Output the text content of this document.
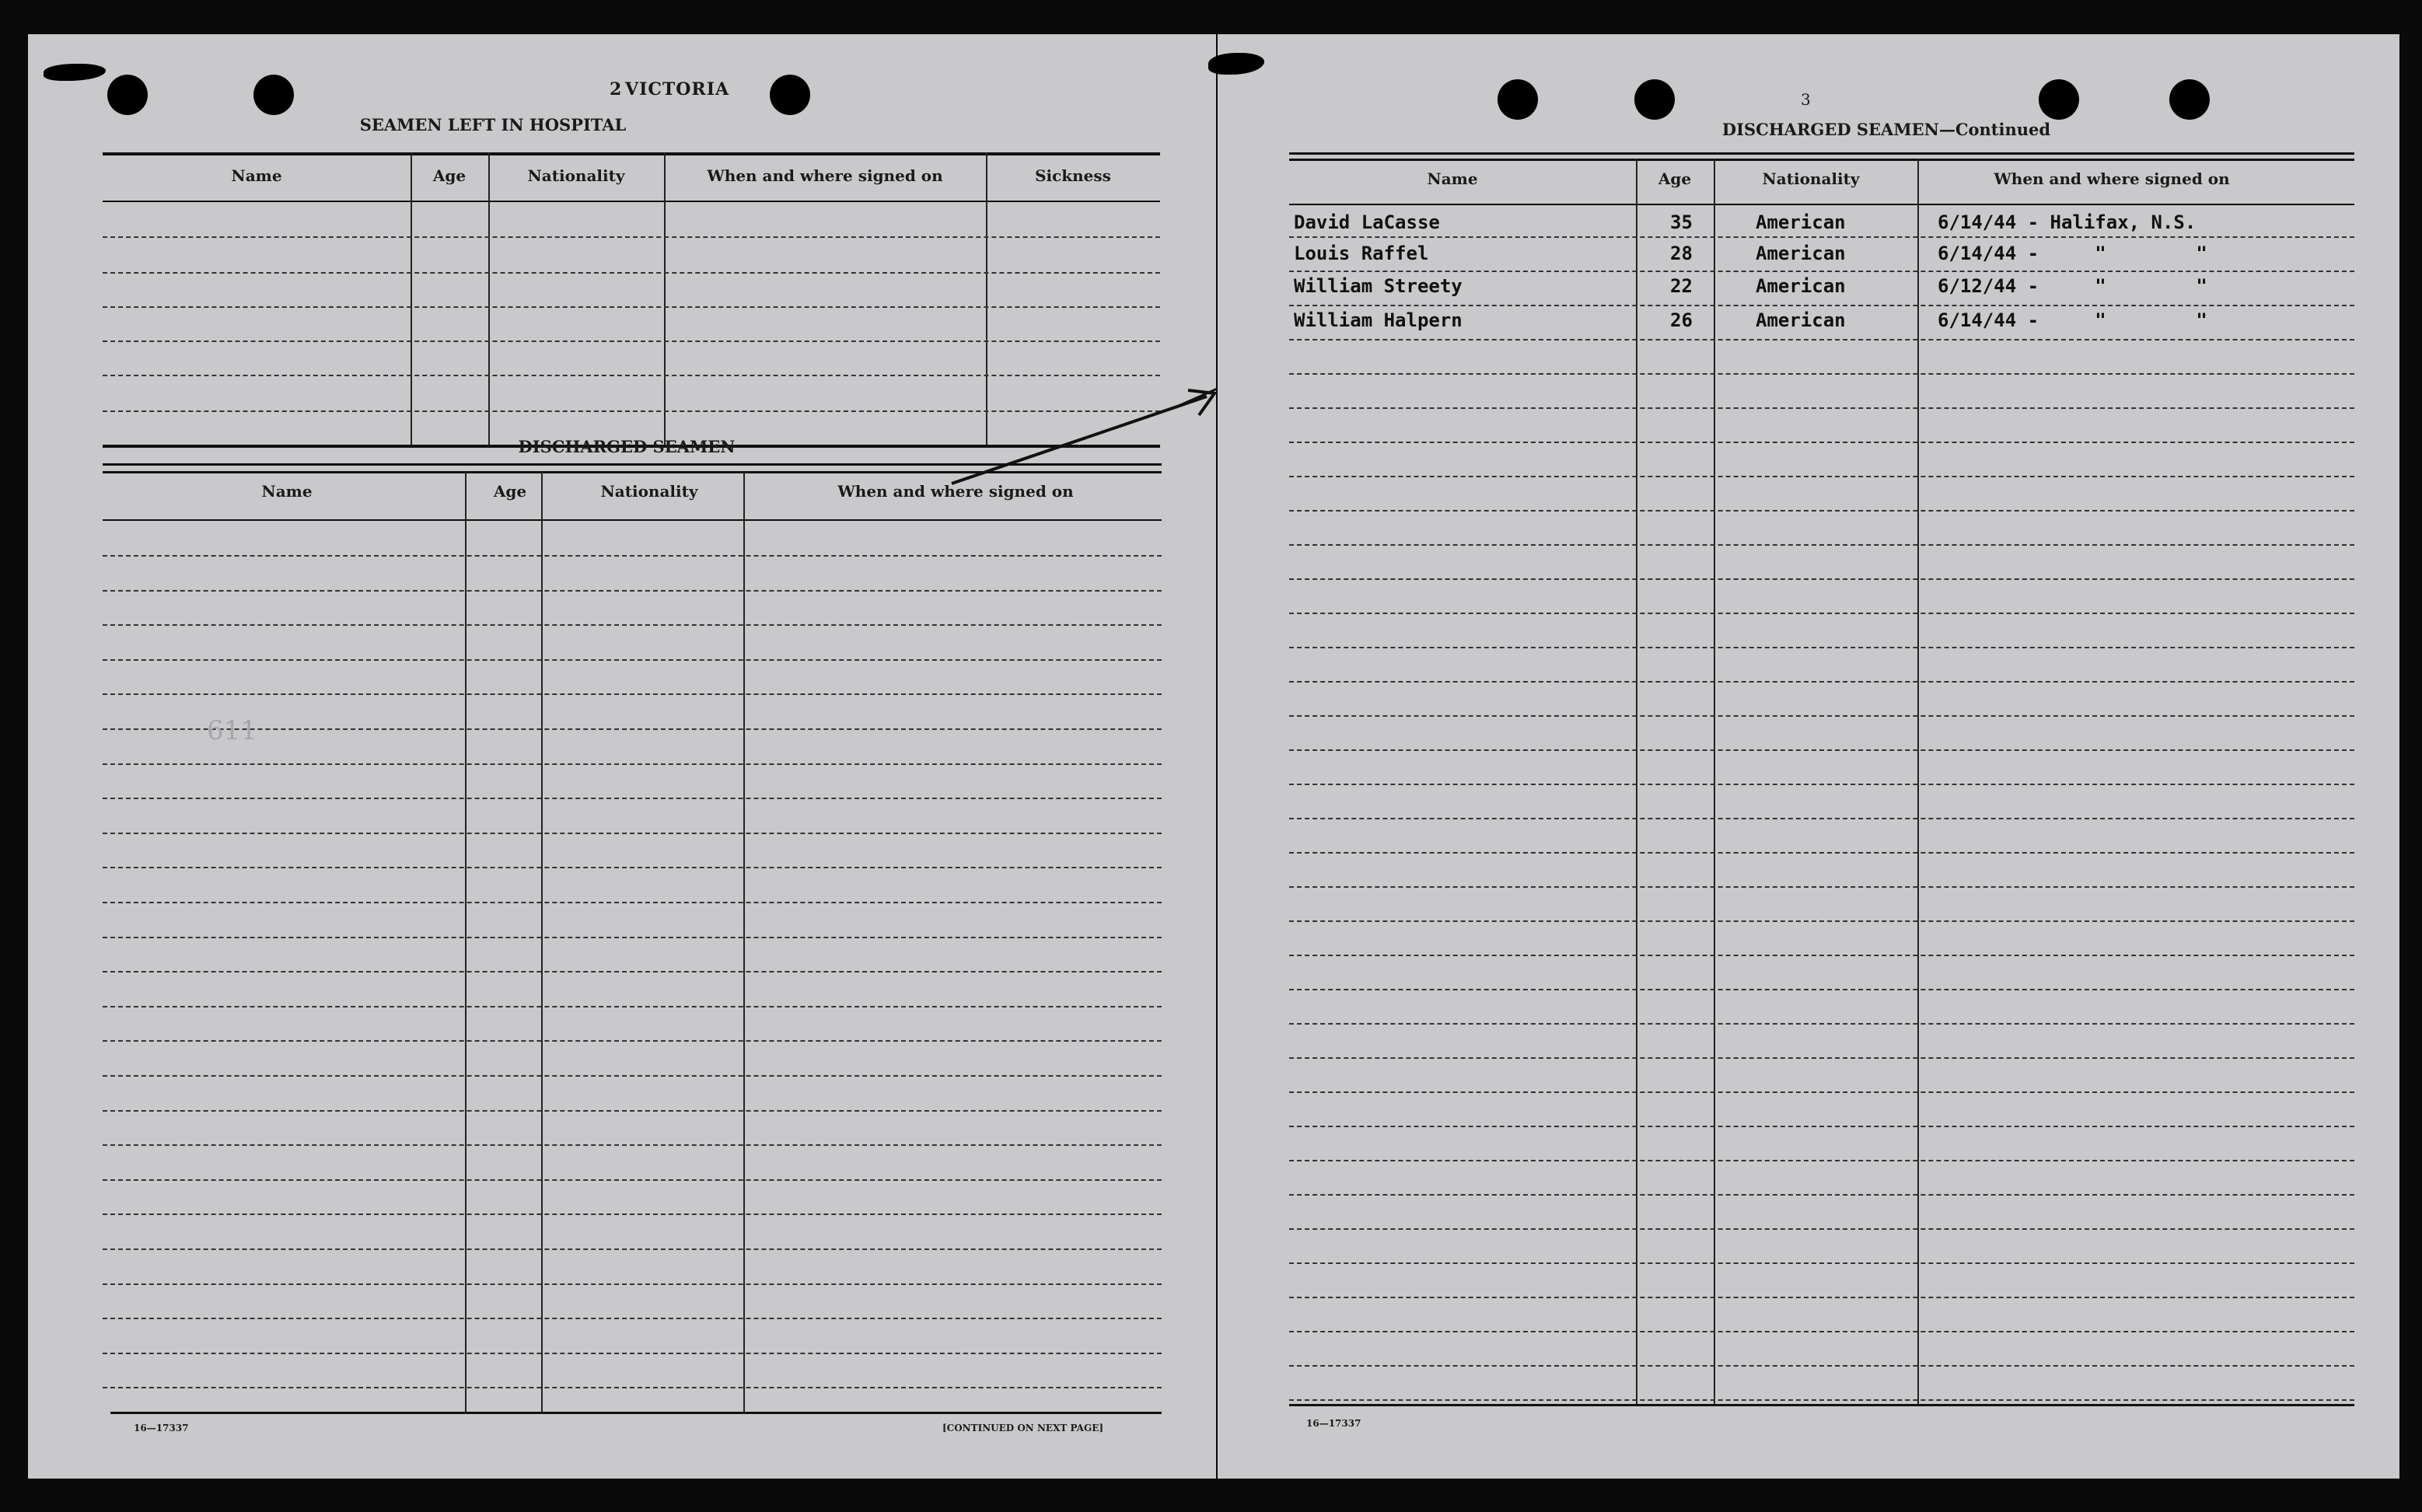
2 VICTORIA
SEAMEN LEFT IN HOSPITAL
Name	Age	Nationality	When and where signed on	Sickness
DISCHARGED SEAMEN
Name	Age	Nationality	When and where signed on
16—17337	[CONTINUED ON NEXT PAGE]
611
3
DISCHARGED SEAMEN—Continued
Name	Age	Nationality	When and where signed on
David LaCasse	35	American	6/14/44 - Halifax, N.S.
Louis Raffel	28	American	6/14/44 -     "        "
William Streety	22	American	6/12/44 -     "        "
William Halpern	26	American	6/14/44 -     "        "
16—17337
